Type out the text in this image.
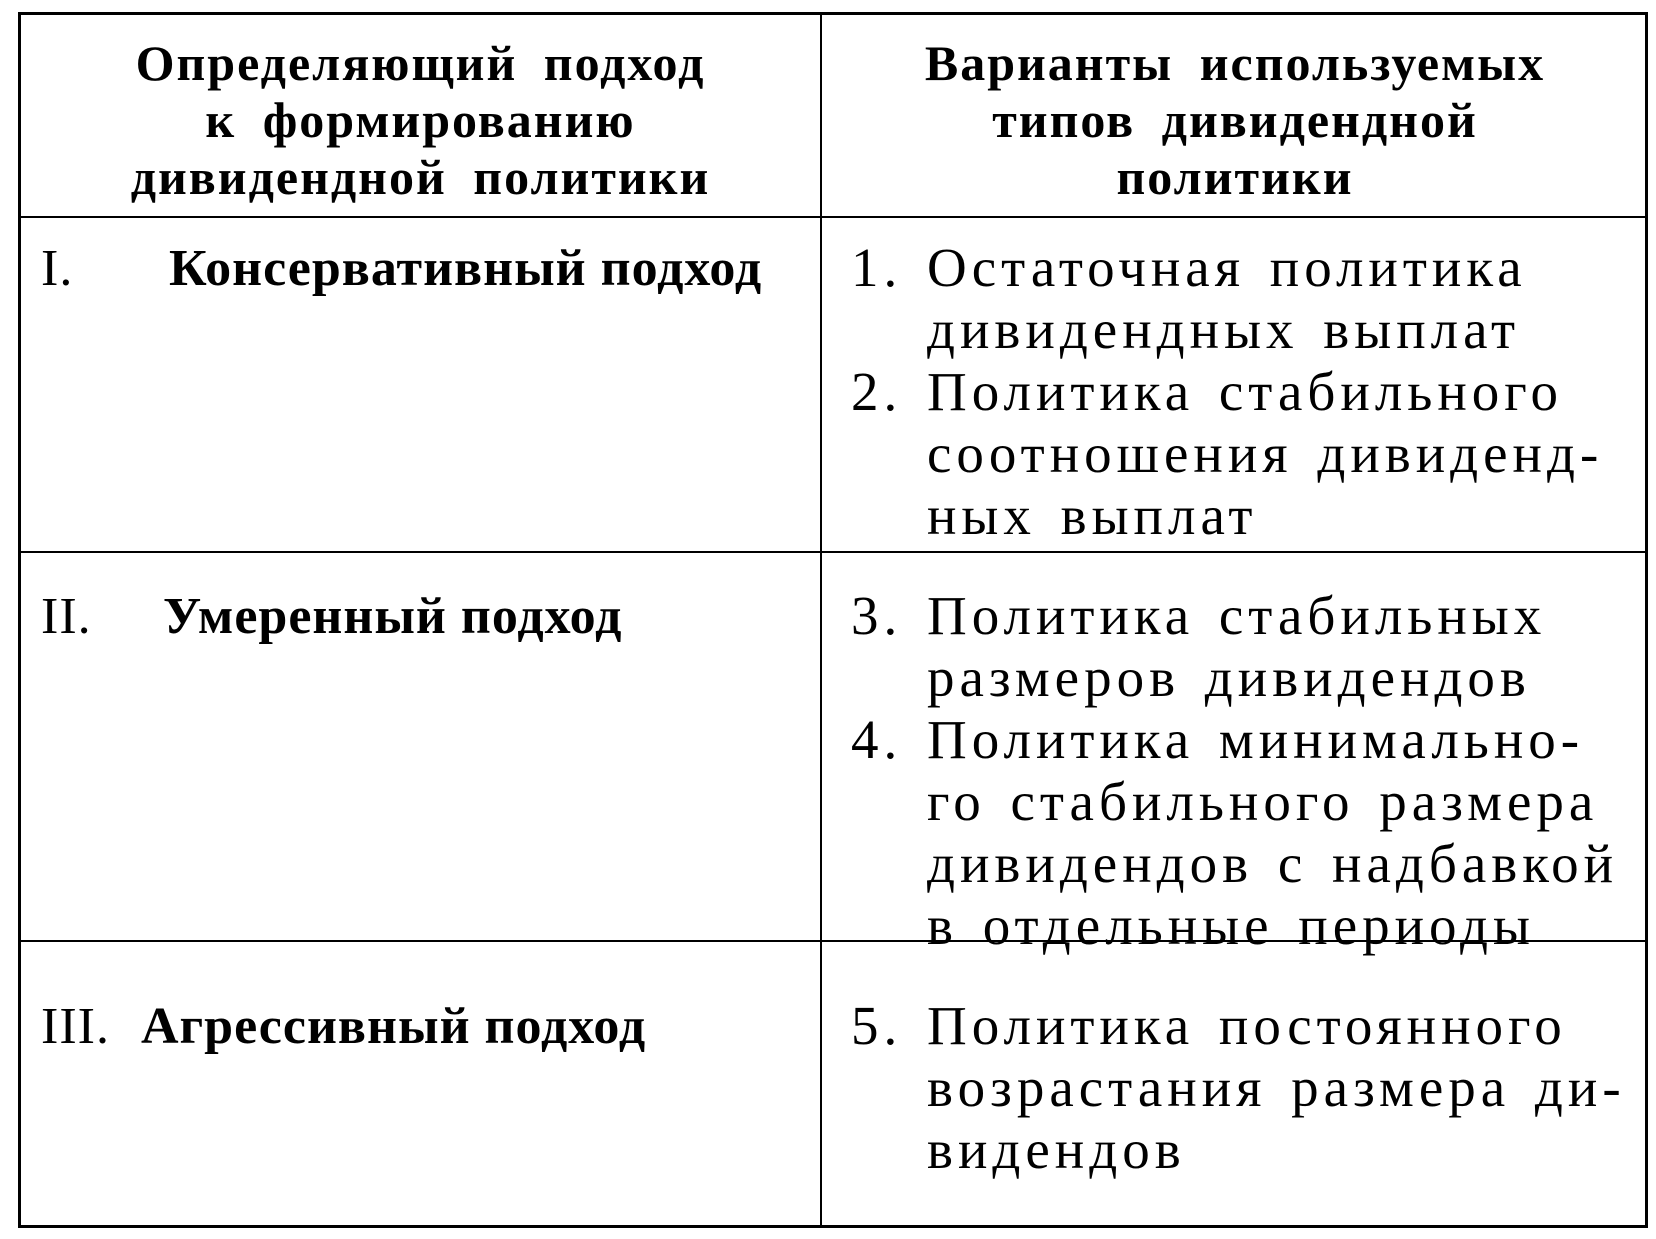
Определяющий подход
к формированию
дивидендной политики
Варианты используемых
типов дивидендной
политики
I. Консервативный подход 1. Остаточная политика
дивидендных выплат
2. Политика стабильного
соотношения дивиденд-
ных выплат
II. Умеренный подход	3. Политика стабильных
размеров дивидендов
4. Политика минимально-
го стабильного размера
дивидендов с надбавкой
в отдельные периоды
III. Агрессивный подход	5. Политика постоянного
возрастания размера ди-
видендов
